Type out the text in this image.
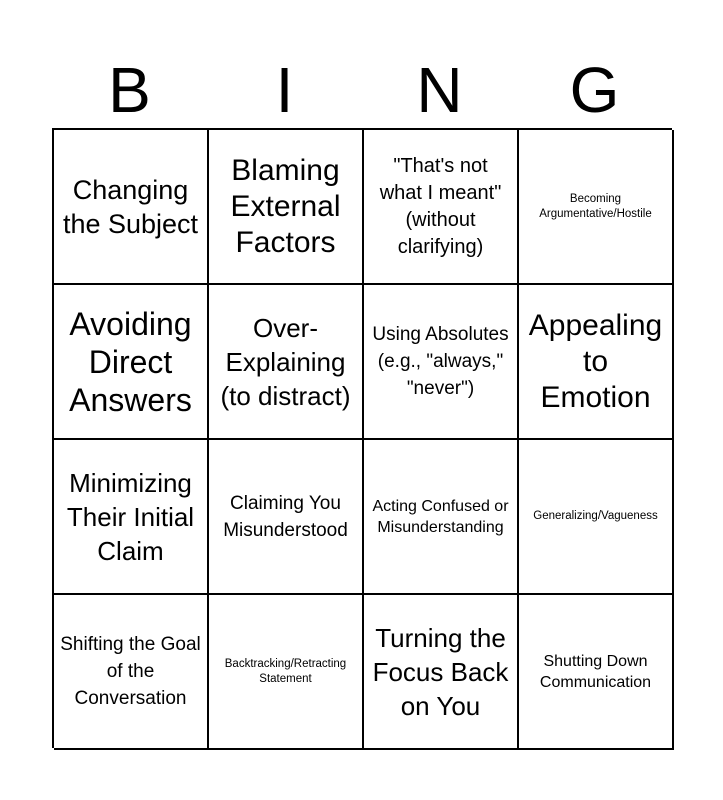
B	I	N	G
Changing the Subject
Blaming External Factors
"That's not what I meant" (without clarifying)
Becoming Argumentative/Hostile
Avoiding Direct Answers
Over-Explaining (to distract)
Using Absolutes (e.g., "always," "never")
Appealing to Emotion
Minimizing Their Initial Claim
Claiming You Misunderstood
Acting Confused or Misunderstanding
Generalizing/Vagueness
Shifting the Goal of the Conversation
Backtracking/Retracting Statement
Turning the Focus Back on You
Shutting Down Communication
